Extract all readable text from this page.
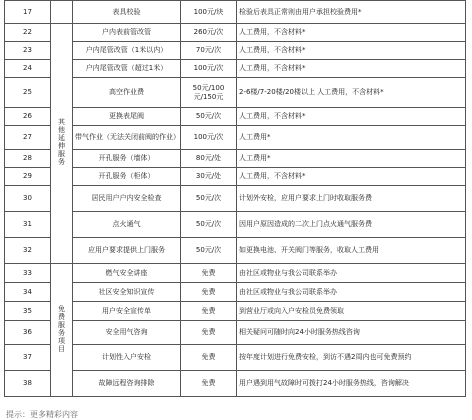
17		表具校验	100元/块	检验后表具正常则由用户承担校验费用*
22	其他延伸服务	户内表前管改管	260元/次	人工费用，不含材料*
23		户内尾管改管（1米以内）	70元/次	人工费用，不含材料*
24		户内尾管改管（超过1米）	100元/次	人工费用，不含材料*
25		高空作业费	50元/100元/150元	2-6楼/7-20楼/20楼以上 人工费用，不含材料*
26		更换表尾阀	50元/次	人工费用，不含材料*
27		带气作业（无法关闭前阀的作业）	100元/次	人工费用*
28		开孔服务（墙体）	80元/处	人工费用*
29		开孔服务（柜体）	30元/处	人工费用，不含材料*
30		居民用户户内安全检查	50元/次	计划外安检，应用户要求上门时收取服务费
31		点火通气	50元/次	因用户原因造成的二次上门点火通气服务费
32		应用户要求提供上门服务	50元/次	如更换电池、开关阀门等服务，收取人工费用
33	免费服务项目	燃气安全讲座	免费	由社区或物业与我公司联系举办
34		社区安全知识宣传	免费	由社区或物业与我公司联系举办
35		用户安全宣传单	免费	到营业厅或向入户安检员免费领取
36		安全用气咨询	免费	相关疑问可随时向24小时服务热线咨询
37		计划性入户安检	免费	按年度计划进行免费安检，到访不遇2周内也可免费预约
38		故障远程咨询排除	免费	用户遇到用气故障时可拨打24小时服务热线，咨询解决
提示：更多精彩内容
